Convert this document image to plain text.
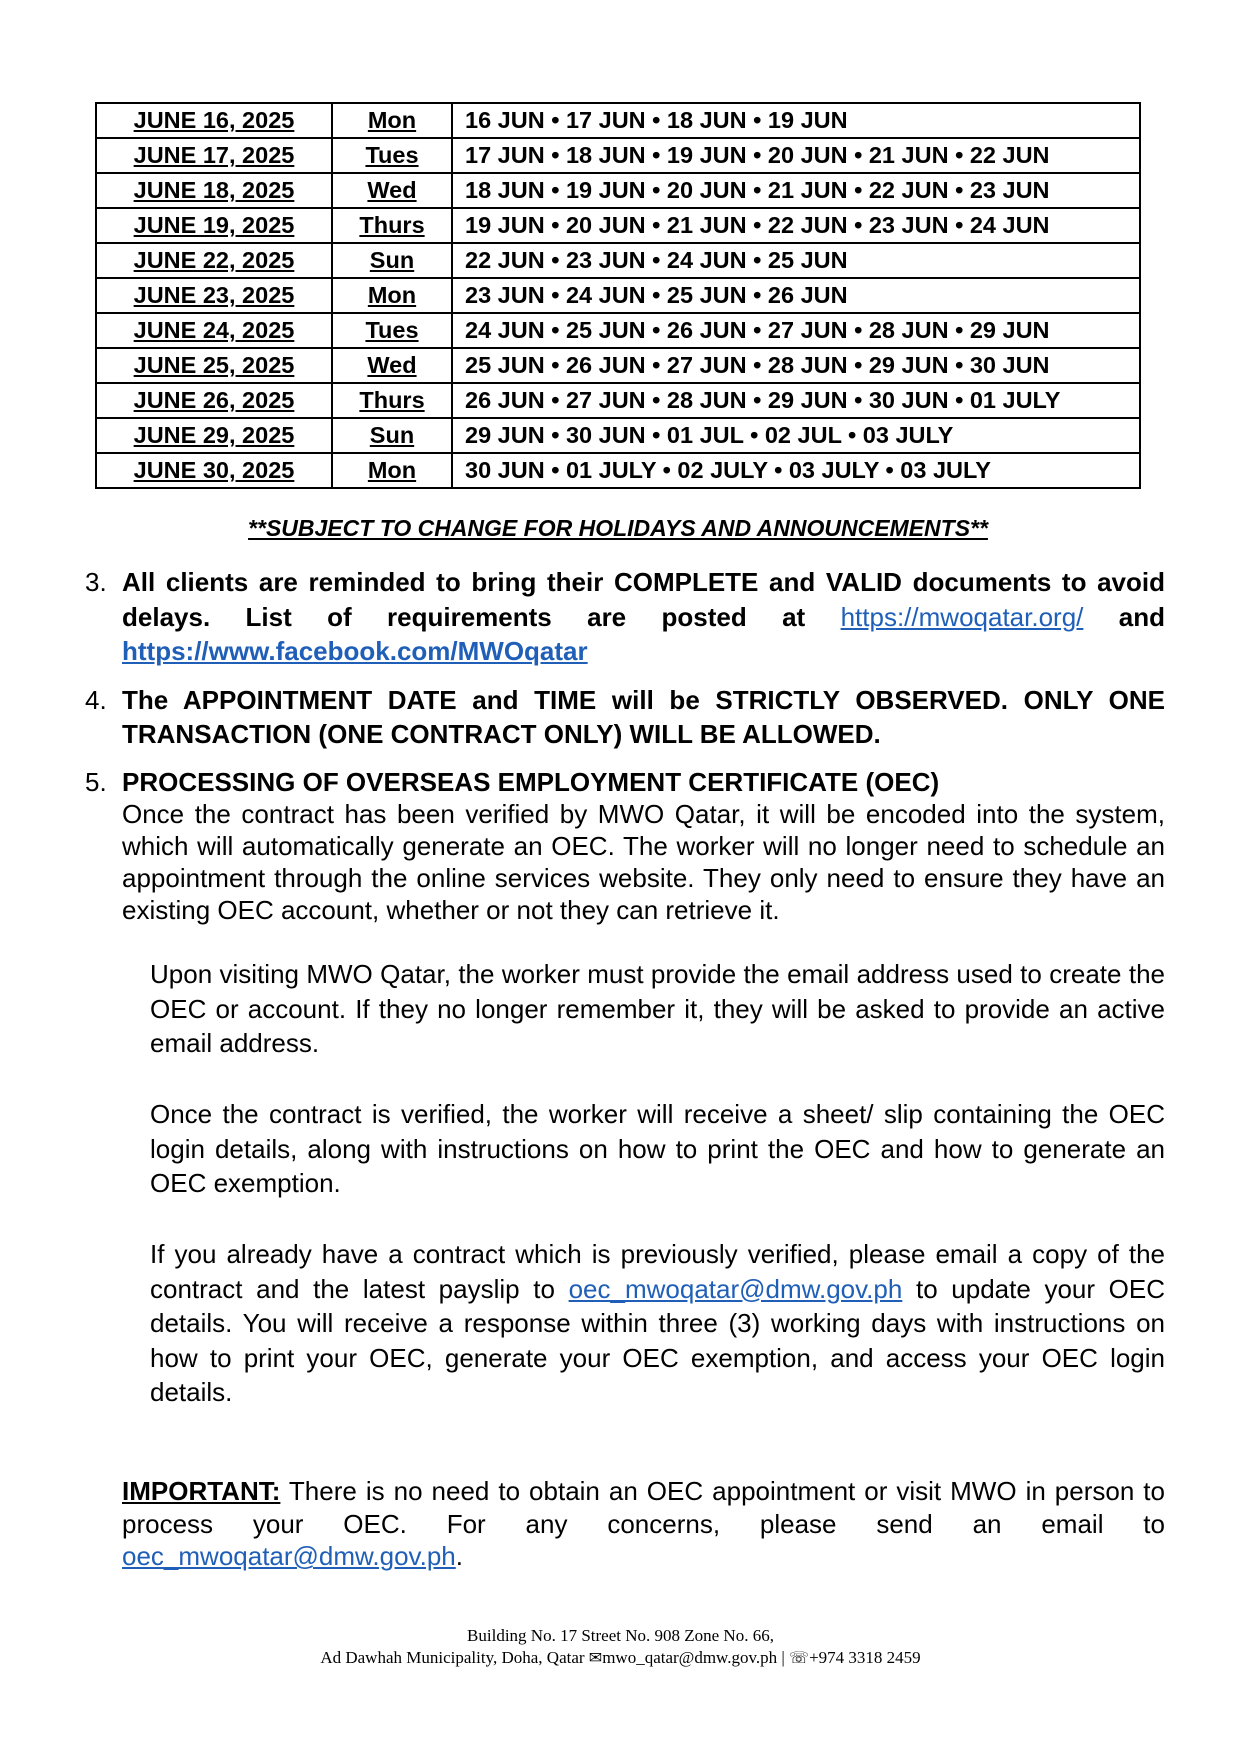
JUNE 16, 2025	Mon	16 JUN • 17 JUN • 18 JUN • 19 JUN
JUNE 17, 2025	Tues	17 JUN • 18 JUN • 19 JUN • 20 JUN • 21 JUN • 22 JUN
JUNE 18, 2025	Wed	18 JUN • 19 JUN • 20 JUN • 21 JUN • 22 JUN • 23 JUN
JUNE 19, 2025	Thurs	19 JUN • 20 JUN • 21 JUN • 22 JUN • 23 JUN • 24 JUN
JUNE 22, 2025	Sun	22 JUN • 23 JUN • 24 JUN • 25 JUN
JUNE 23, 2025	Mon	23 JUN • 24 JUN • 25 JUN • 26 JUN
JUNE 24, 2025	Tues	24 JUN • 25 JUN • 26 JUN • 27 JUN • 28 JUN • 29 JUN
JUNE 25, 2025	Wed	25 JUN • 26 JUN • 27 JUN • 28 JUN • 29 JUN • 30 JUN
JUNE 26, 2025	Thurs	26 JUN • 27 JUN • 28 JUN • 29 JUN • 30 JUN • 01 JULY
JUNE 29, 2025	Sun	29 JUN • 30 JUN • 01 JUL • 02 JUL • 03 JULY
JUNE 30, 2025	Mon	30 JUN • 01 JULY • 02 JULY • 03 JULY • 03 JULY
**SUBJECT TO CHANGE FOR HOLIDAYS AND ANNOUNCEMENTS**
3. All clients are reminded to bring their COMPLETE and VALID documents to avoid delays. List of requirements are posted at https://mwoqatar.org/ and https://www.facebook.com/MWOqatar
4. The APPOINTMENT DATE and TIME will be STRICTLY OBSERVED. ONLY ONE TRANSACTION (ONE CONTRACT ONLY) WILL BE ALLOWED.
5. PROCESSING OF OVERSEAS EMPLOYMENT CERTIFICATE (OEC)
Once the contract has been verified by MWO Qatar, it will be encoded into the system, which will automatically generate an OEC. The worker will no longer need to schedule an appointment through the online services website. They only need to ensure they have an existing OEC account, whether or not they can retrieve it.
Upon visiting MWO Qatar, the worker must provide the email address used to create the OEC or account. If they no longer remember it, they will be asked to provide an active email address.
Once the contract is verified, the worker will receive a sheet/ slip containing the OEC login details, along with instructions on how to print the OEC and how to generate an OEC exemption.
If you already have a contract which is previously verified, please email a copy of the contract and the latest payslip to oec_mwoqatar@dmw.gov.ph to update your OEC details. You will receive a response within three (3) working days with instructions on how to print your OEC, generate your OEC exemption, and access your OEC login details.
IMPORTANT: There is no need to obtain an OEC appointment or visit MWO in person to process your OEC. For any concerns, please send an email to oec_mwoqatar@dmw.gov.ph.
Building No. 17 Street No. 908 Zone No. 66,
Ad Dawhah Municipality, Doha, Qatar ✉mwo_qatar@dmw.gov.ph | ☏+974 3318 2459
